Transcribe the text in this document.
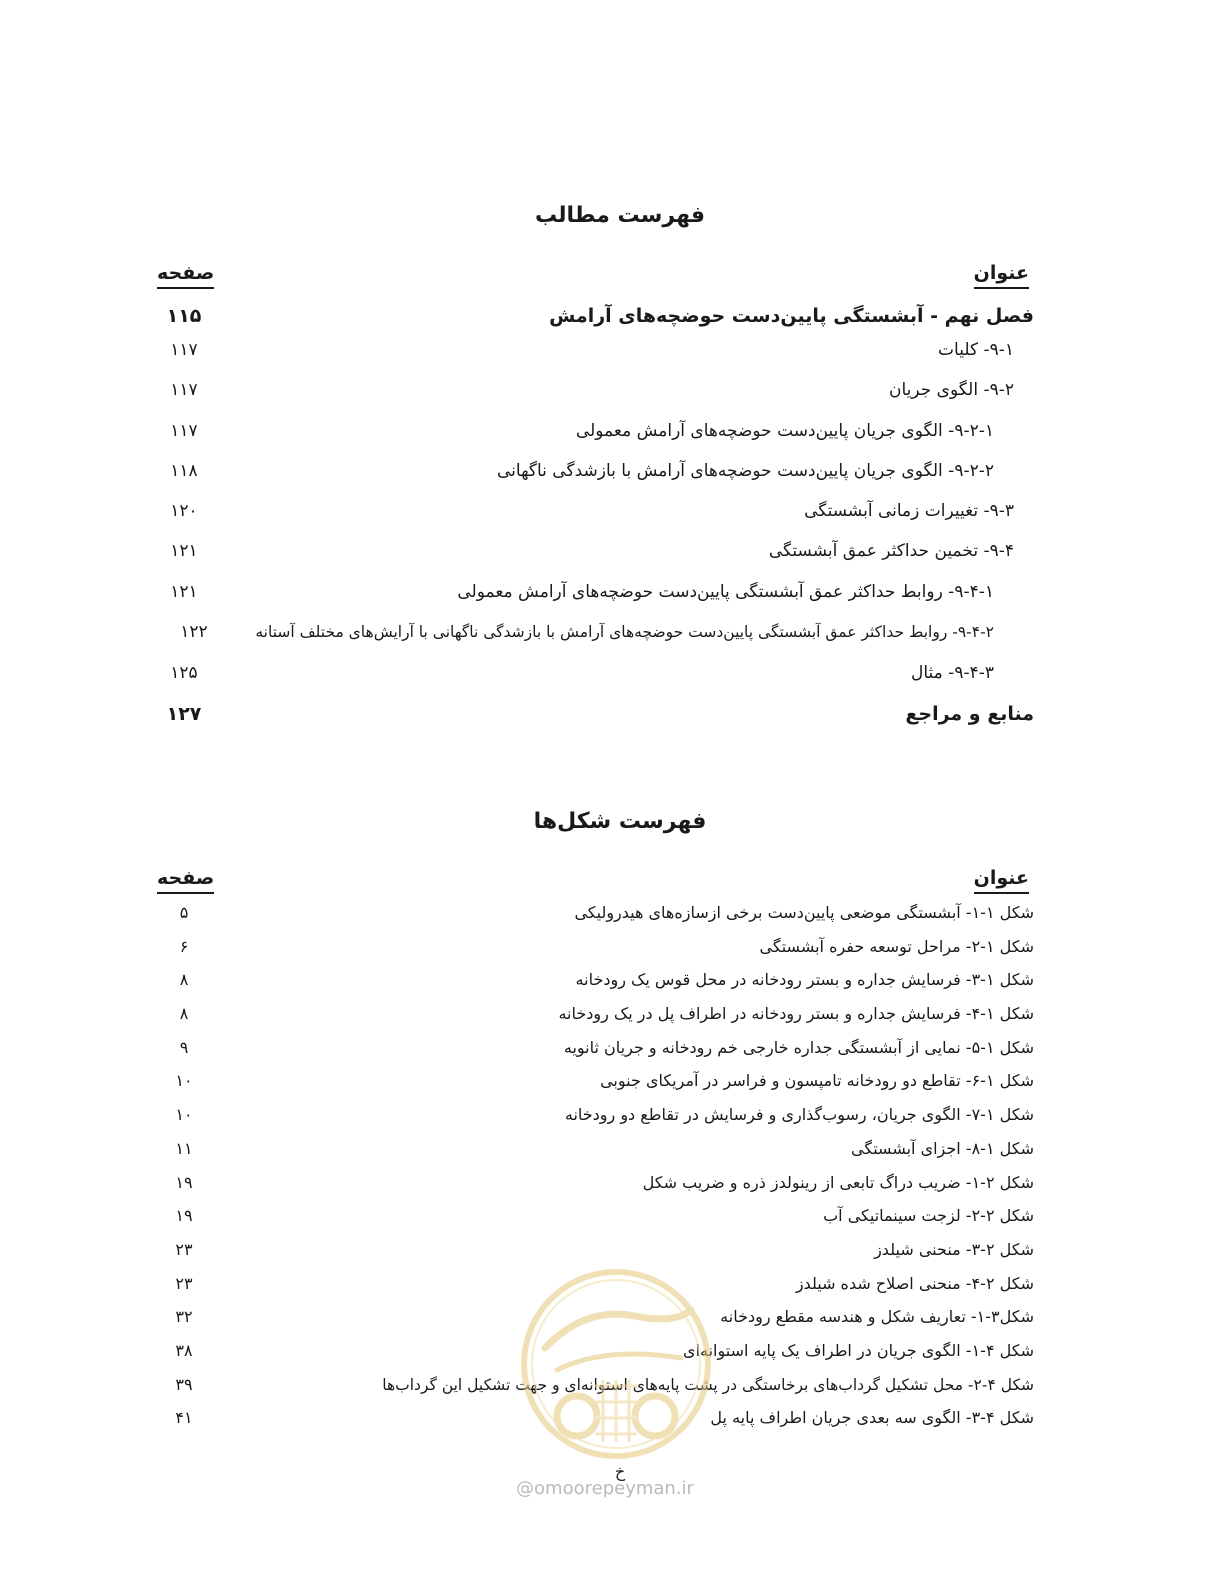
فهرست مطالب
عنوان
صفحه
فصل نهم - آبشستگی پایین‌دست حوضچه‌های آرامش
۱۱۵
۹-۱- کلیات
۱۱۷
۹-۲- الگوی جریان
۱۱۷
۹-۲-۱- الگوی جریان پایین‌دست حوضچه‌های آرامش معمولی
۱۱۷
۹-۲-۲- الگوی جریان پایین‌دست حوضچه‌های آرامش با بازشدگی ناگهانی
۱۱۸
۹-۳- تغییرات زمانی آبشستگی
۱۲۰
۹-۴- تخمین حداکثر عمق آبشستگی
۱۲۱
۹-۴-۱- روابط حداکثر عمق آبشستگی پایین‌دست حوضچه‌های آرامش معمولی
۱۲۱
۹-۴-۲- روابط حداکثر عمق آبشستگی پایین‌دست حوضچه‌های آرامش با بازشدگی ناگهانی با آرایش‌های مختلف آستانه
۱۲۲
۹-۴-۳- مثال
۱۲۵
منابع و مراجع
۱۲۷
فهرست شکل‌ها
عنوان
صفحه
شکل ۱-۱- آبشستگی موضعی پایین‌دست برخی ازسازه‌های هیدرولیکی
۵
شکل ۱-۲- مراحل توسعه حفره آبشستگی
۶
شکل ۱-۳- فرسایش جداره و بستر رودخانه در محل قوس یک رودخانه
۸
شکل ۱-۴- فرسایش جداره و بستر رودخانه در اطراف پل در یک رودخانه
۸
شکل ۱-۵- نمایی از آبشستگی جداره خارجی خم رودخانه و جریان ثانویه
۹
شکل ۱-۶- تقاطع دو رودخانه تامپسون و فراسر در آمریکای جنوبی
۱۰
شکل ۱-۷- الگوی جریان، رسوب‌گذاری و فرسایش در تقاطع دو رودخانه
۱۰
شکل ۱-۸- اجزای آبشستگی
۱۱
شکل ۲-۱- ضریب دراگ تابعی از رینولدز ذره و ضریب شکل
۱۹
شکل ۲-۲- لزجت سینماتیکی آب
۱۹
شکل ۲-۳- منحنی شیلدز
۲۳
شکل ۲-۴- منحنی اصلاح شده شیلدز
۲۳
شکل۳-۱- تعاریف شکل و هندسه مقطع رودخانه
۳۲
شکل ۴-۱- الگوی جریان در اطراف یک پایه استوانه‌ای
۳۸
شکل ۴-۲- محل تشکیل گرداب‌های برخاستگی در پشت پایه‌های استوانه‌ای و جهت تشکیل این گرداب‌ها
۳۹
شکل ۴-۳- الگوی سه بعدی جریان اطراف پایه پل
۴۱
خ
@omoorepeyman.ir
